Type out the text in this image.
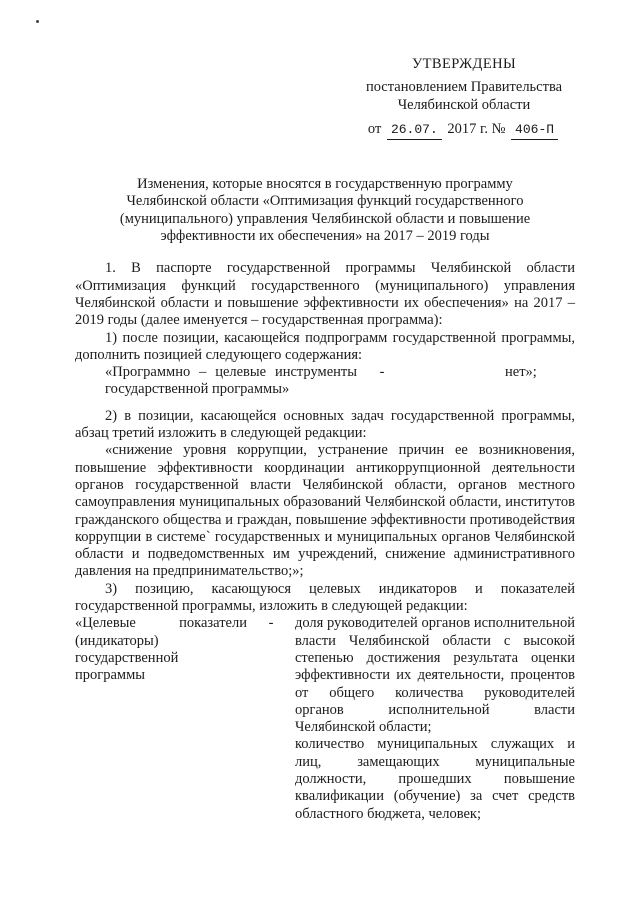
УТВЕРЖДЕНЫ
постановлением Правительства
Челябинской области
от 26.07. 2017 г. № 406-П
Изменения, которые вносятся в государственную программу Челябинской области «Оптимизация функций государственного (муниципального) управления Челябинской области и повышение эффективности их обеспечения» на 2017 – 2019 годы

1. В паспорте государственной программы Челябинской области «Оптимизация функций государственного (муниципального) управления Челябинской области и повышение эффективности их обеспечения» на 2017 – 2019 годы (далее именуется – государственная программа):

1) после позиции, касающейся подпрограмм государственной программы, дополнить позицией следующего содержания:

«Программно – целевые инструменты государственной программы»
-	нет»;

2) в позиции, касающейся основных задач государственной программы, абзац третий изложить в следующей редакции:

«снижение уровня коррупции, устранение причин ее возникновения, повышение эффективности координации антикоррупционной деятельности органов государственной власти Челябинской области, органов местного самоуправления муниципальных образований Челябинской области, институтов гражданского общества и граждан, повышение эффективности противодействия коррупции в системе` государственных и муниципальных органов Челябинской области и подведомственных им учреждений, снижение административного давления на предпринимательство;»;

3) позицию, касающуюся целевых индикаторов и показателей государственной программы, изложить в следующей редакции:

«Целевые показатели (индикаторы) государственной программы
-	доля руководителей органов исполнительной власти Челябинской области с высокой степенью достижения результата оценки эффективности их деятельности, процентов от общего количества руководителей органов исполнительной власти Челябинской области;

количество муниципальных служащих и лиц, замещающих муниципальные должности, прошедших повышение квалификации (обучение) за счет средств областного бюджета, человек;
